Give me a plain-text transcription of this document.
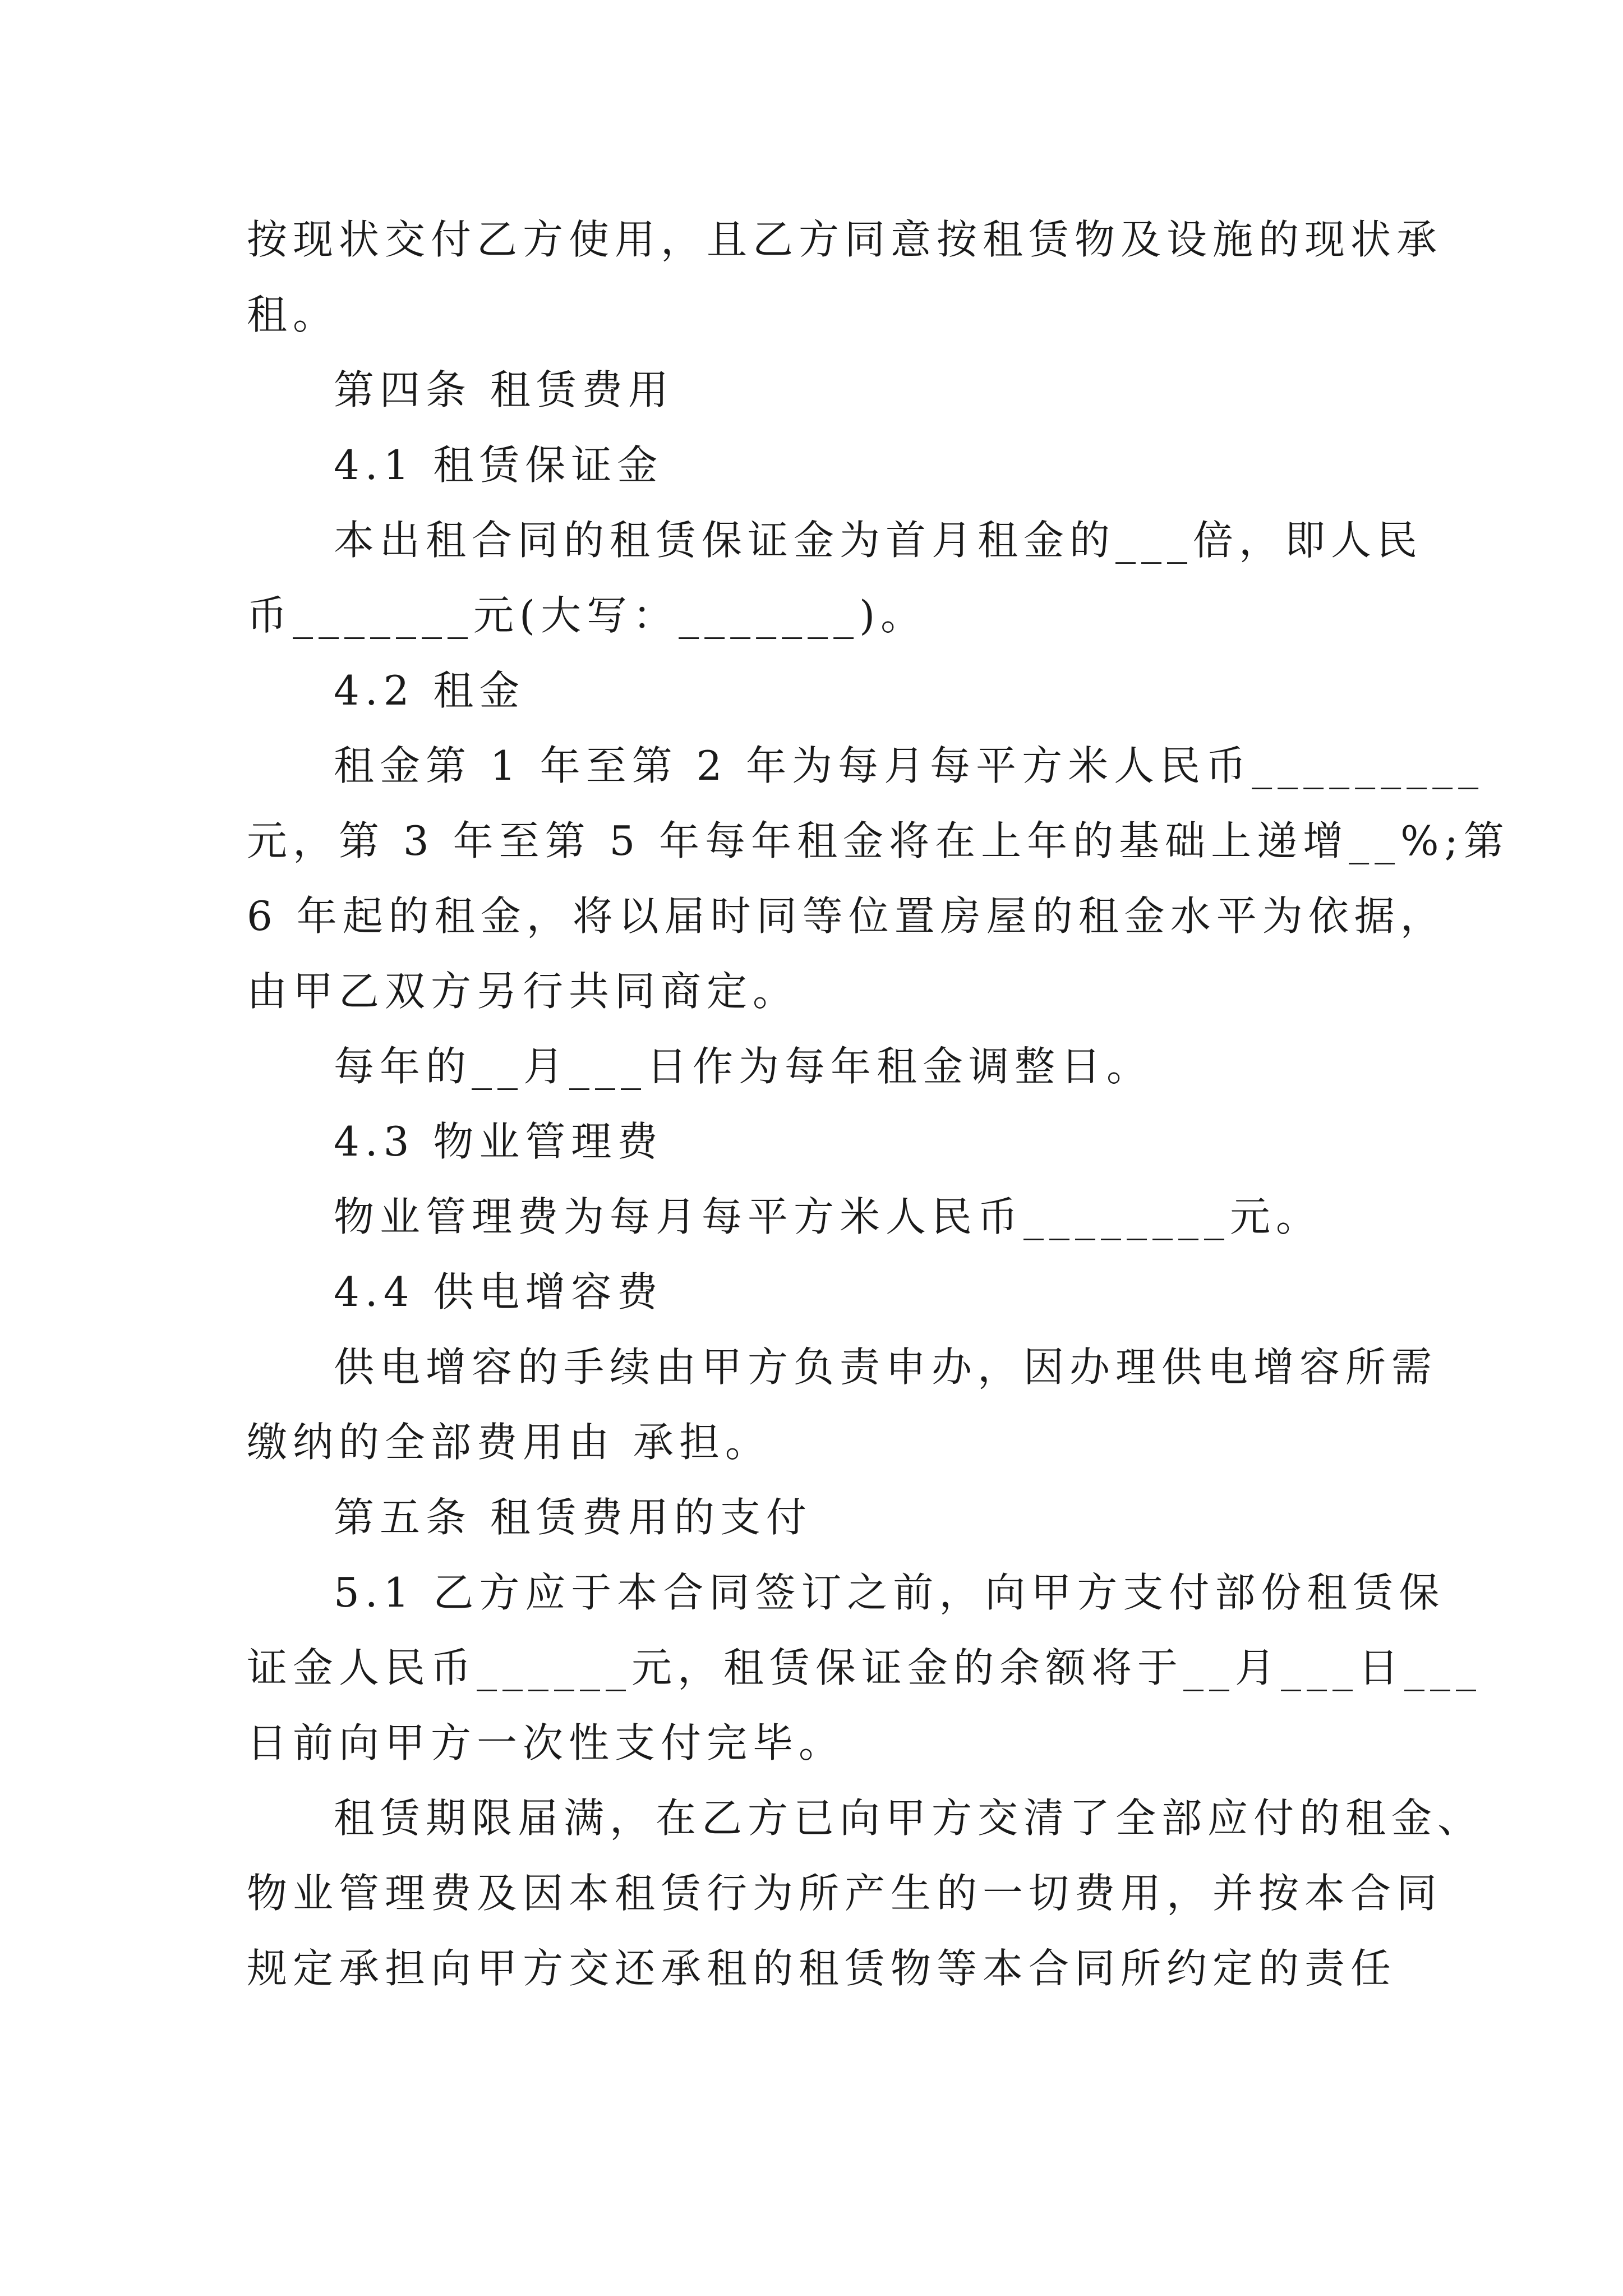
按现状交付乙方使用，且乙方同意按租赁物及设施的现状承
租。
第四条 租赁费用
4.1 租赁保证金
本出租合同的租赁保证金为首月租金的___倍，即人民
币_______元(大写：_______)。
4.2 租金
租金第 1 年至第 2 年为每月每平方米人民币_________
元，第 3 年至第 5 年每年租金将在上年的基础上递增__%;第
6 年起的租金，将以届时同等位置房屋的租金水平为依据，
由甲乙双方另行共同商定。
每年的__月___日作为每年租金调整日。
4.3 物业管理费
物业管理费为每月每平方米人民币________元。
4.4 供电增容费
供电增容的手续由甲方负责申办，因办理供电增容所需
缴纳的全部费用由 承担。
第五条 租赁费用的支付
5.1 乙方应于本合同签订之前，向甲方支付部份租赁保
证金人民币______元，租赁保证金的余额将于__月___日___
日前向甲方一次性支付完毕。
租赁期限届满，在乙方已向甲方交清了全部应付的租金、
物业管理费及因本租赁行为所产生的一切费用，并按本合同
规定承担向甲方交还承租的租赁物等本合同所约定的责任
